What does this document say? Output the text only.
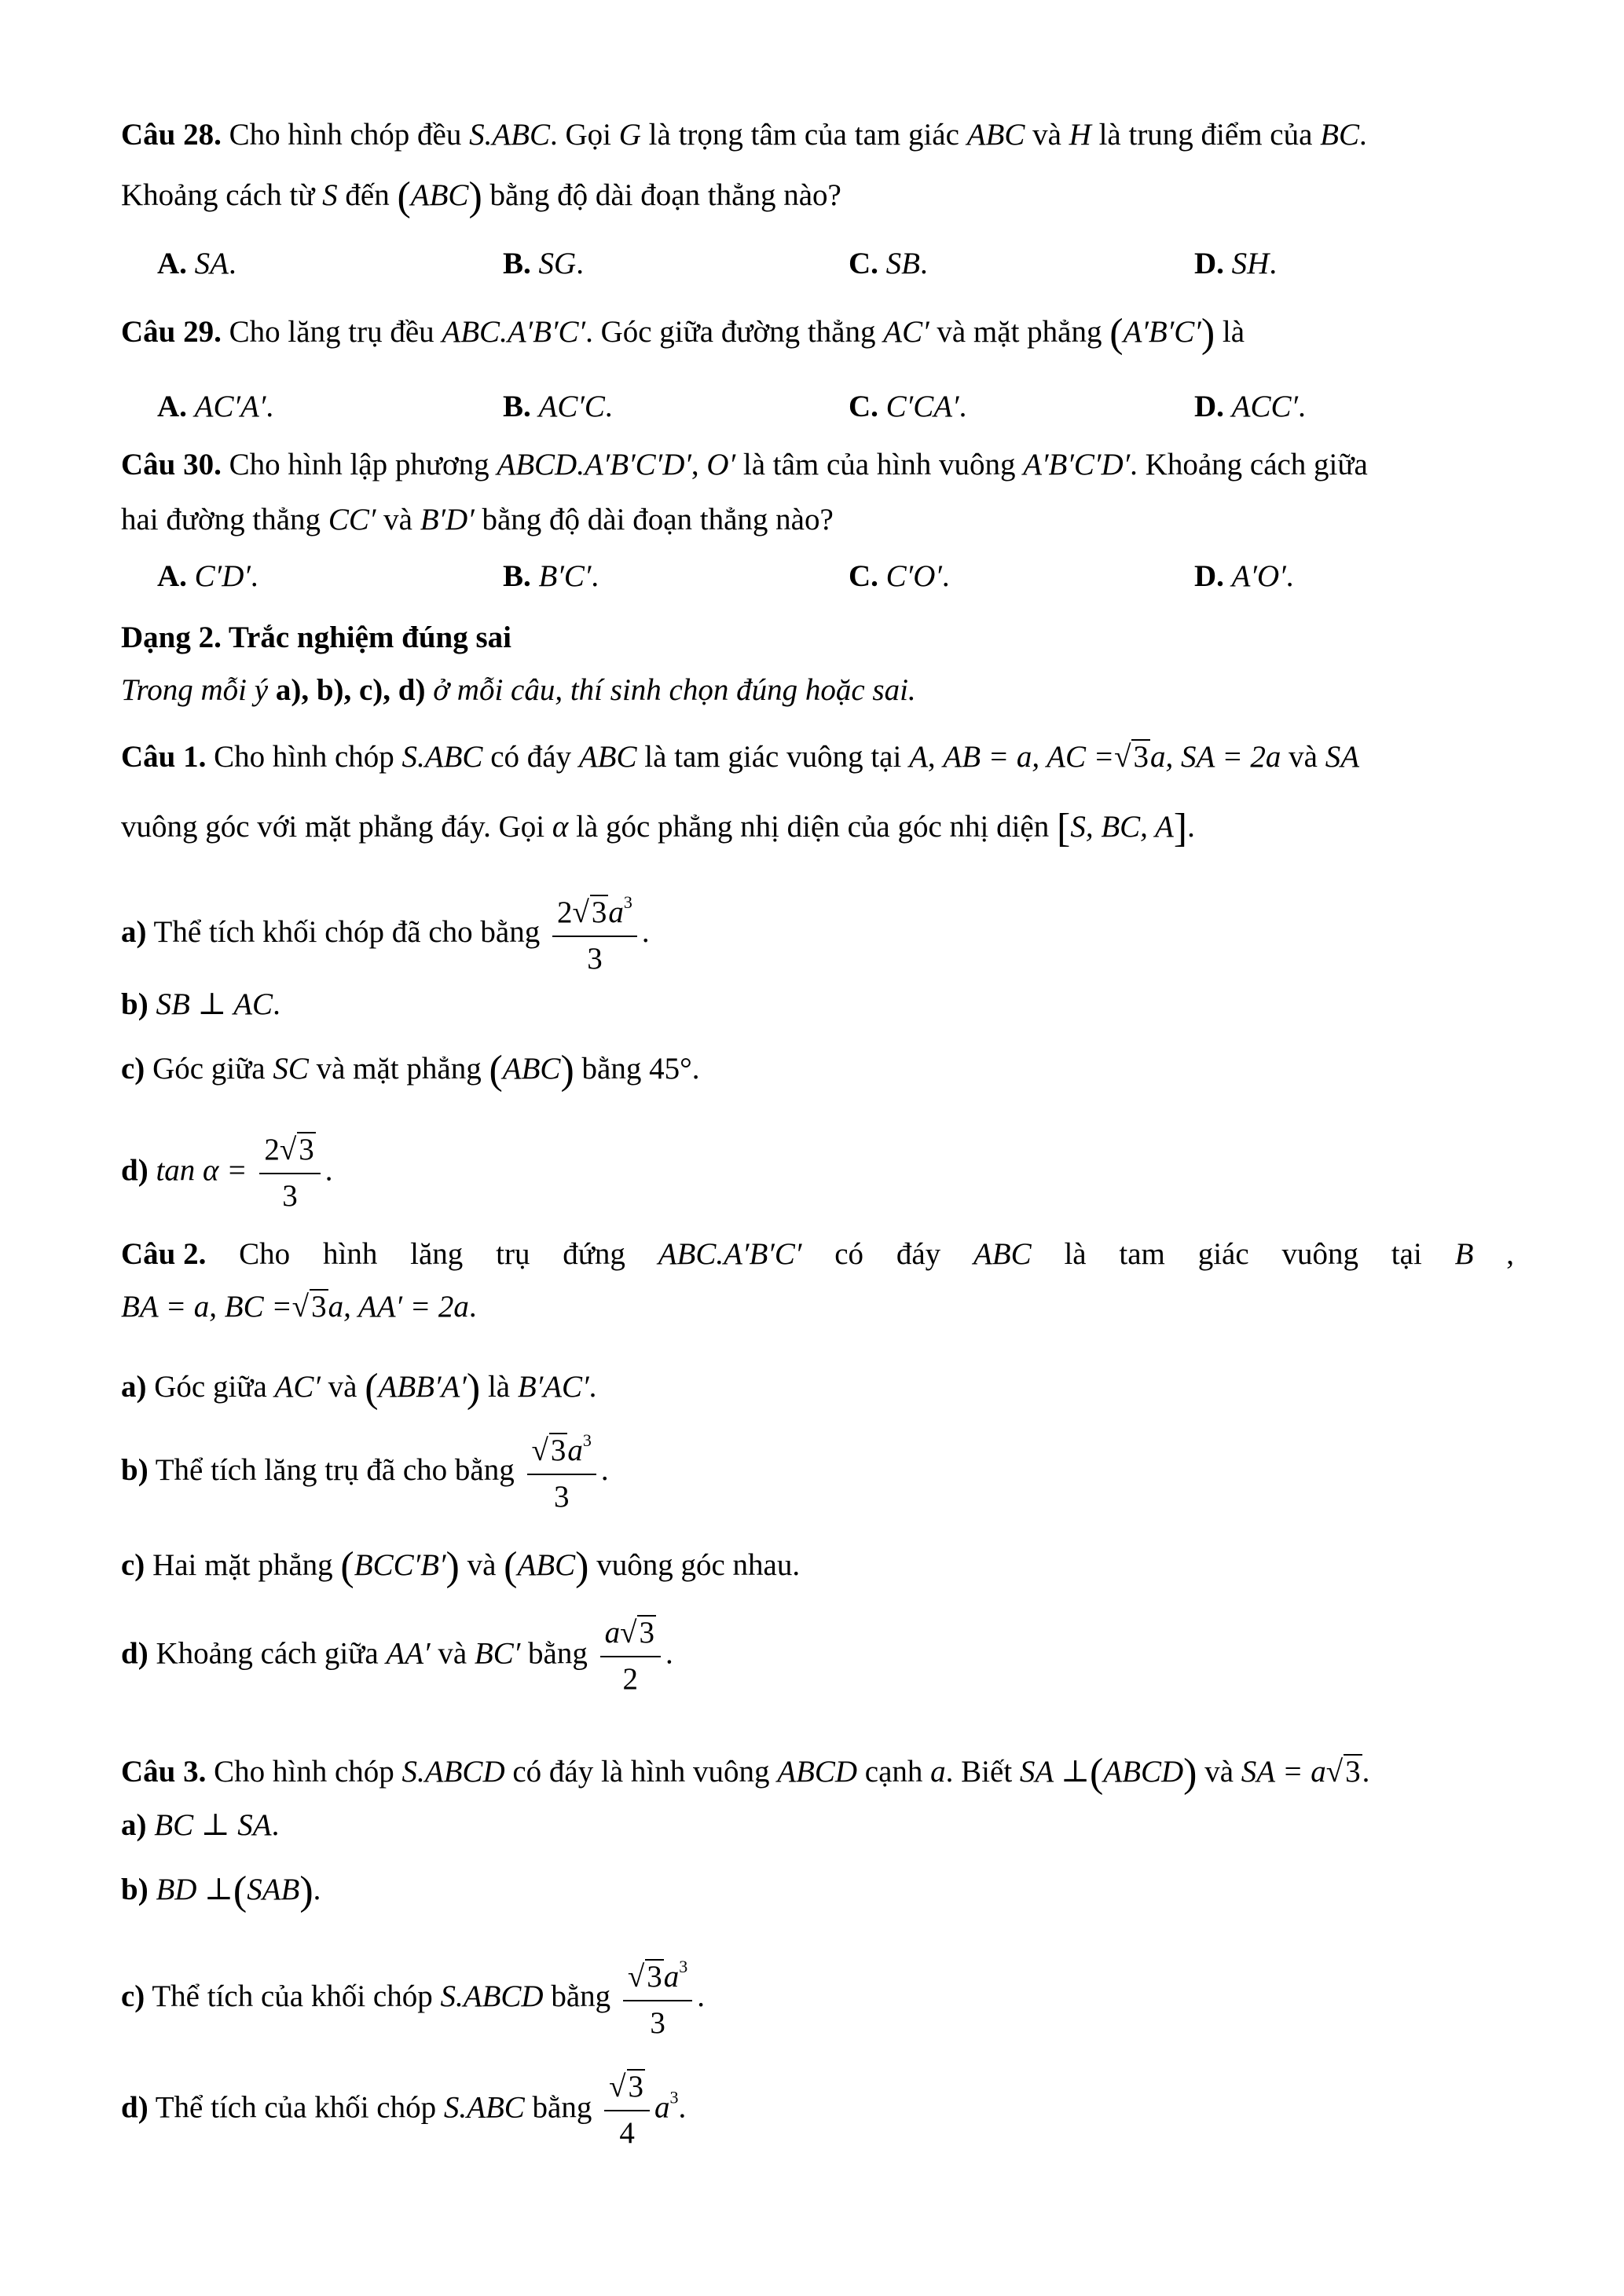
Câu 28. Cho hình chóp đều S.ABC. Gọi G là trọng tâm của tam giác ABC và H là trung điểm của BC.
Khoảng cách từ S đến (ABC) bằng độ dài đoạn thẳng nào?
A. SA.	B. SG.	C. SB.	D. SH.
Câu 29. Cho lăng trụ đều ABC.A′B′C′. Góc giữa đường thẳng AC′ và mặt phẳng (A′B′C′) là
A. AC′A′.	B. AC′C.	C. C′CA′.	D. ACC′.
Câu 30. Cho hình lập phương ABCD.A′B′C′D′, O′ là tâm của hình vuông A′B′C′D′. Khoảng cách giữa
hai đường thẳng CC′ và B′D′ bằng độ dài đoạn thẳng nào?
A. C′D′.	B. B′C′.	C. C′O′.	D. A′O′.
Dạng 2. Trắc nghiệm đúng sai
Trong mỗi ý a), b), c), d) ở mỗi câu, thí sinh chọn đúng hoặc sai.
Câu 1. Cho hình chóp S.ABC có đáy ABC là tam giác vuông tại A, AB = a, AC =√3a, SA = 2a và SA
vuông góc với mặt phẳng đáy. Gọi α là góc phẳng nhị diện của góc nhị diện [S, BC, A].
a) Thể tích khối chóp đã cho bằng $\frac{2√3a^3}{3}$ .
b) SB ⊥ AC.
c) Góc giữa SC và mặt phẳng (ABC) bằng 45°.
d) $\tan \alpha = \frac{2√3}{3}$ .
Câu 2. Cho hình lăng trụ đứng ABC.A′B′C′ có đáy ABC là tam giác vuông tại B ,
BA = a, BC =√3a, AA′ = 2a.
a) Góc giữa AC′ và (ABB′A′) là B′AC′.
b) Thể tích lăng trụ đã cho bằng $\frac{√3a^3}{3}$ .
c) Hai mặt phẳng (BCC′B′) và (ABC) vuông góc nhau.
d) Khoảng cách giữa AA′ và BC′ bằng $\frac{a√3}{2}$ .
Câu 3. Cho hình chóp S.ABCD có đáy là hình vuông ABCD cạnh a. Biết SA ⊥(ABCD) và SA = a√3.
a) BC ⊥ SA.
b) BD ⊥(SAB).
c) Thể tích của khối chóp S.ABCD bằng $\frac{√3a^3}{3}$ .
d) Thể tích của khối chóp S.ABC bằng $\frac{√3}{4} a^3$.
